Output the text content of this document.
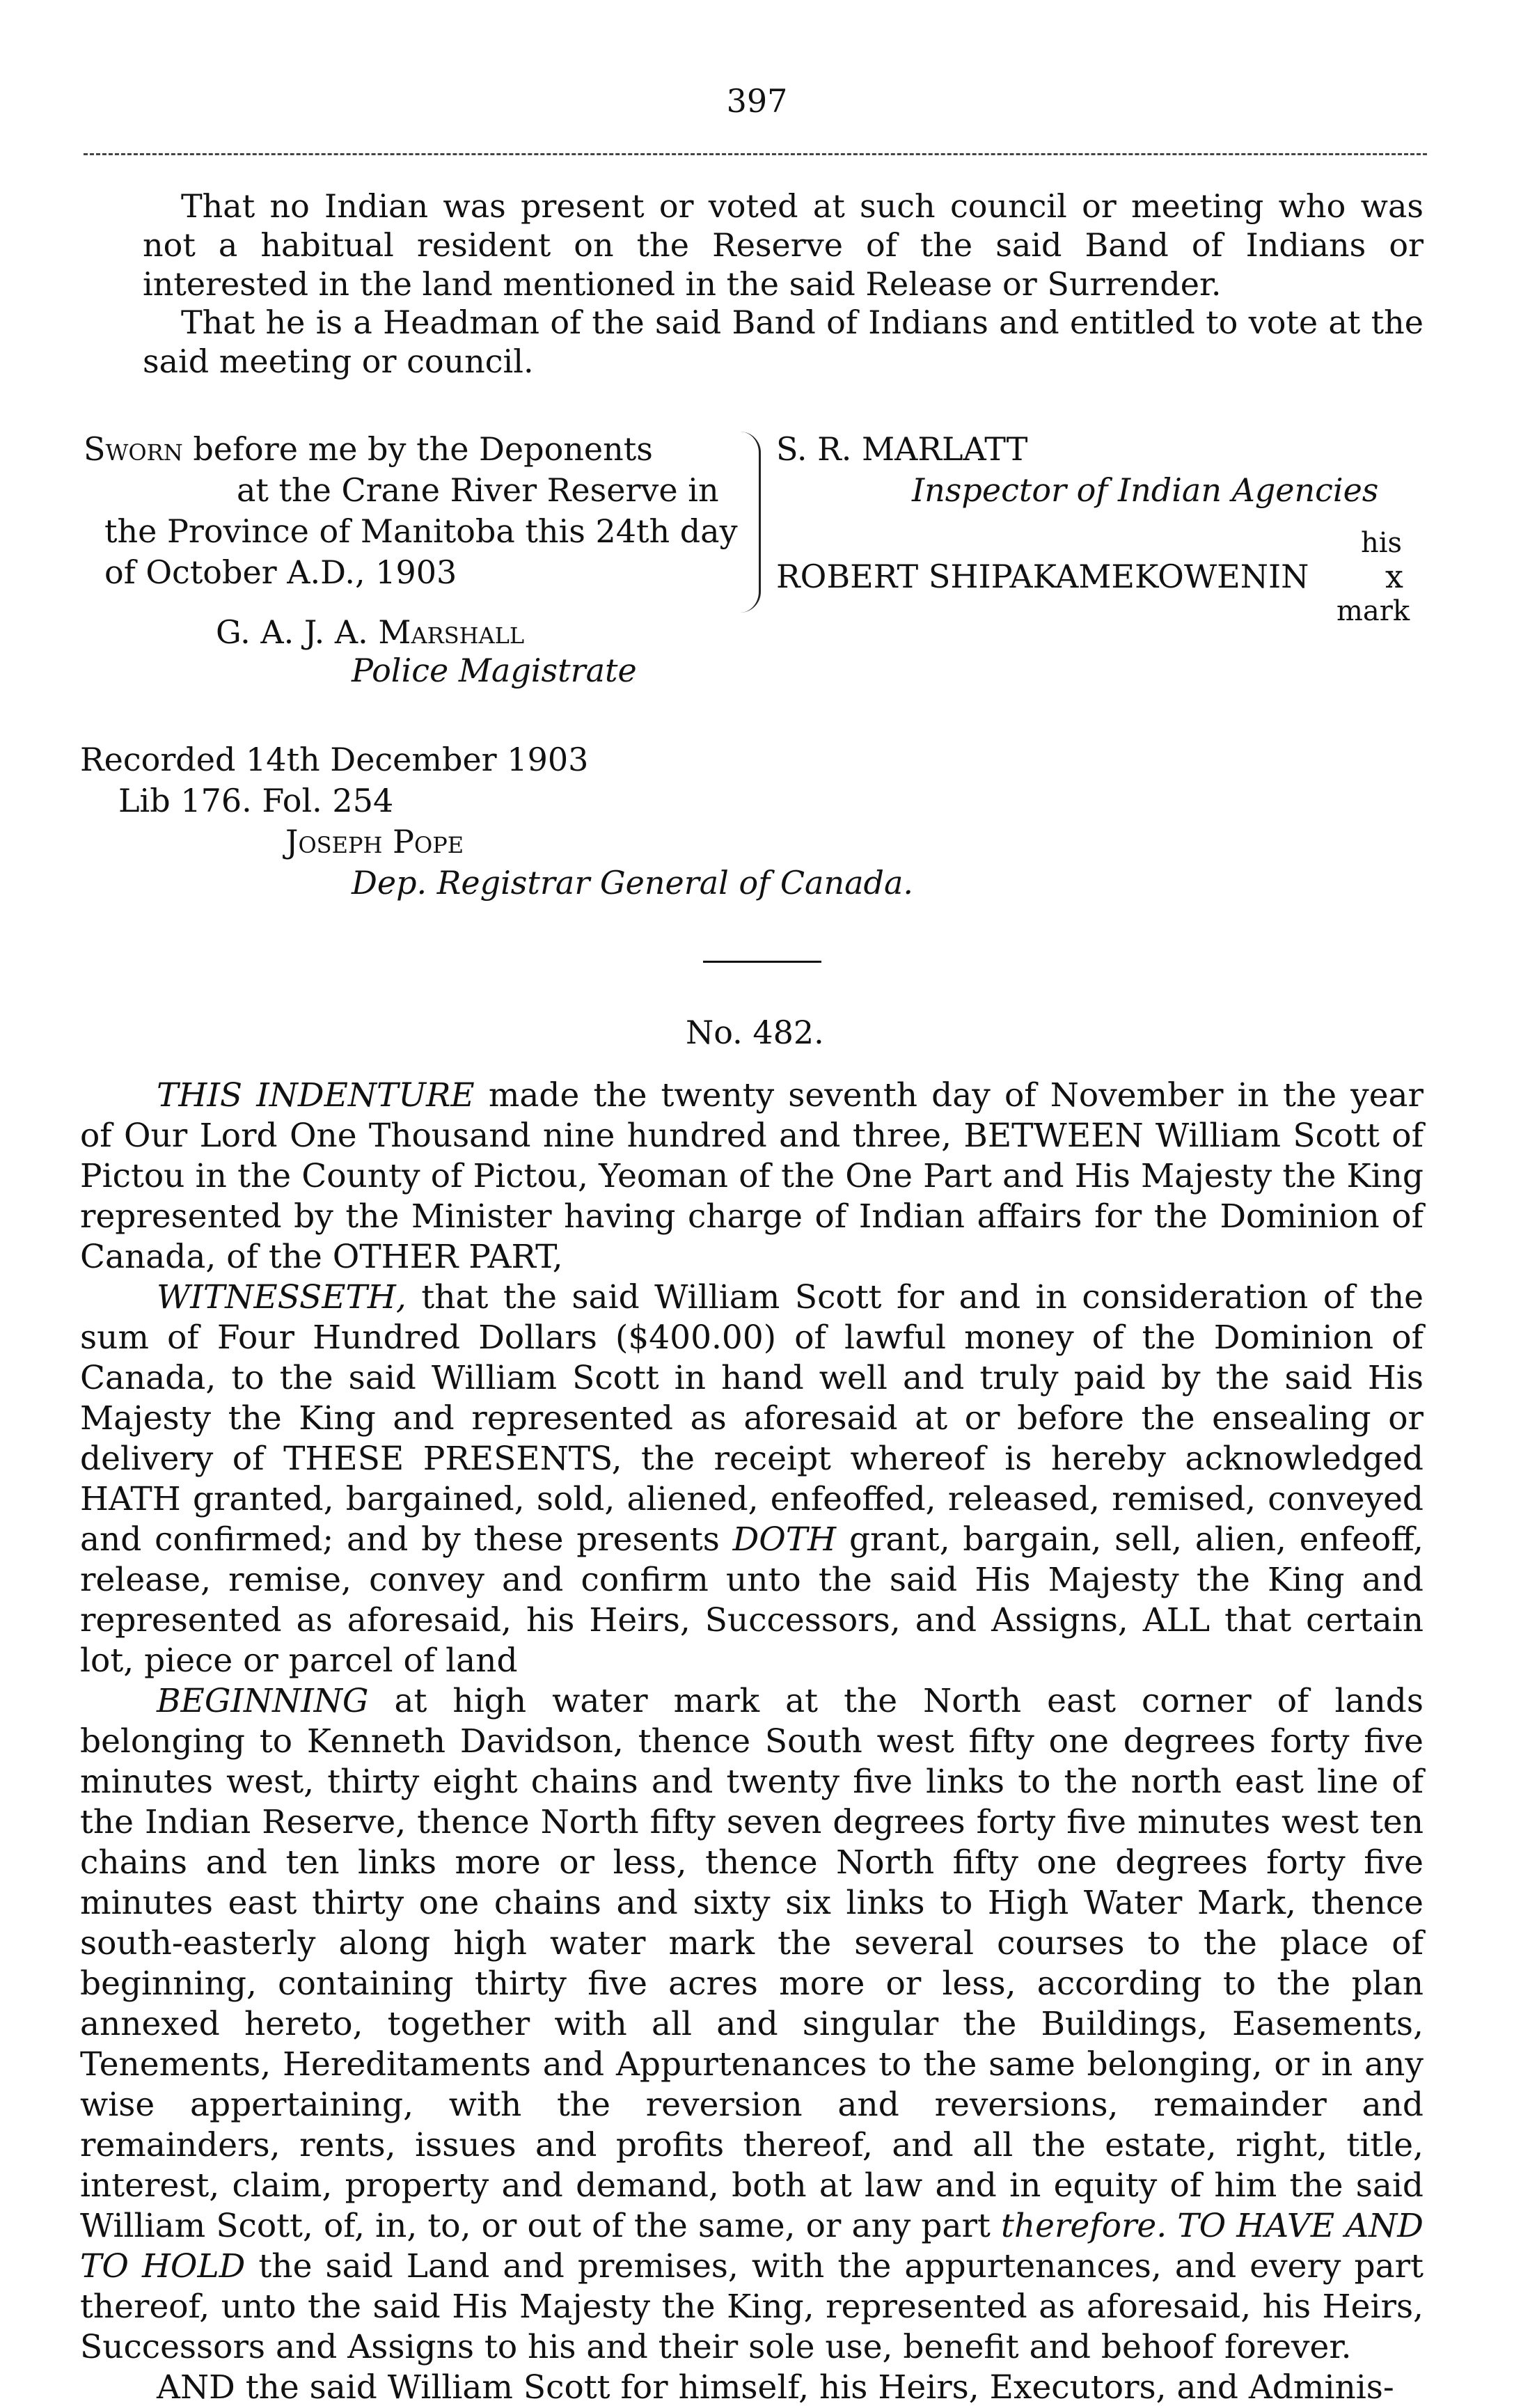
397
That no Indian was present or voted at such council or meeting who was not a habitual resident on the Reserve of the said Band of Indians or interested in the land mentioned in the said Release or Surrender.
That he is a Headman of the said Band of Indians and entitled to vote at the said meeting or council.
Sworn before me by the Deponents
at the Crane River Reserve in
the Province of Manitoba this 24th day
of October A.D., 1903
G. A. J. A. Marshall
Police Magistrate
S. R. MARLATT
Inspector of Indian Agencies
his
ROBERT SHIPAKAMEKOWENIN x
mark
Recorded 14th December 1903
Lib 176. Fol. 254
Joseph Pope
Dep. Registrar General of Canada.
No. 482.

THIS INDENTURE made the twenty seventh day of November in the year of Our Lord One Thousand nine hundred and three, BETWEEN William Scott of Pictou in the County of Pictou, Yeoman of the One Part and His Majesty the King represented by the Minister having charge of Indian affairs for the Dominion of Canada, of the OTHER PART,

WITNESSETH, that the said William Scott for and in consideration of the sum of Four Hundred Dollars ($400.00) of lawful money of the Dominion of Canada, to the said William Scott in hand well and truly paid by the said His Majesty the King and represented as aforesaid at or before the ensealing or delivery of THESE PRESENTS, the receipt whereof is hereby acknowledged HATH granted, bargained, sold, aliened, enfeoffed, released, remised, conveyed and confirmed; and by these presents DOTH grant, bargain, sell, alien, enfeoff, release, remise, convey and confirm unto the said His Majesty the King and represented as aforesaid, his Heirs, Successors, and Assigns, ALL that certain lot, piece or parcel of land

BEGINNING at high water mark at the North east corner of lands belonging to Kenneth Davidson, thence South west fifty one degrees forty five minutes west, thirty eight chains and twenty five links to the north east line of the Indian Reserve, thence North fifty seven degrees forty five minutes west ten chains and ten links more or less, thence North fifty one degrees forty five minutes east thirty one chains and sixty six links to High Water Mark, thence south-easterly along high water mark the several courses to the place of beginning, containing thirty five acres more or less, according to the plan annexed hereto, together with all and singular the Buildings, Easements, Tenements, Hereditaments and Appurtenances to the same belonging, or in any wise appertaining, with the reversion and reversions, remainder and remainders, rents, issues and profits thereof, and all the estate, right, title, interest, claim, property and demand, both at law and in equity of him the said William Scott, of, in, to, or out of the same, or any part therefore. TO HAVE AND TO HOLD the said Land and premises, with the appurtenances, and every part thereof, unto the said His Majesty the King, represented as aforesaid, his Heirs, Successors and Assigns to his and their sole use, benefit and behoof forever.

AND the said William Scott for himself, his Heirs, Executors, and Adminis-
